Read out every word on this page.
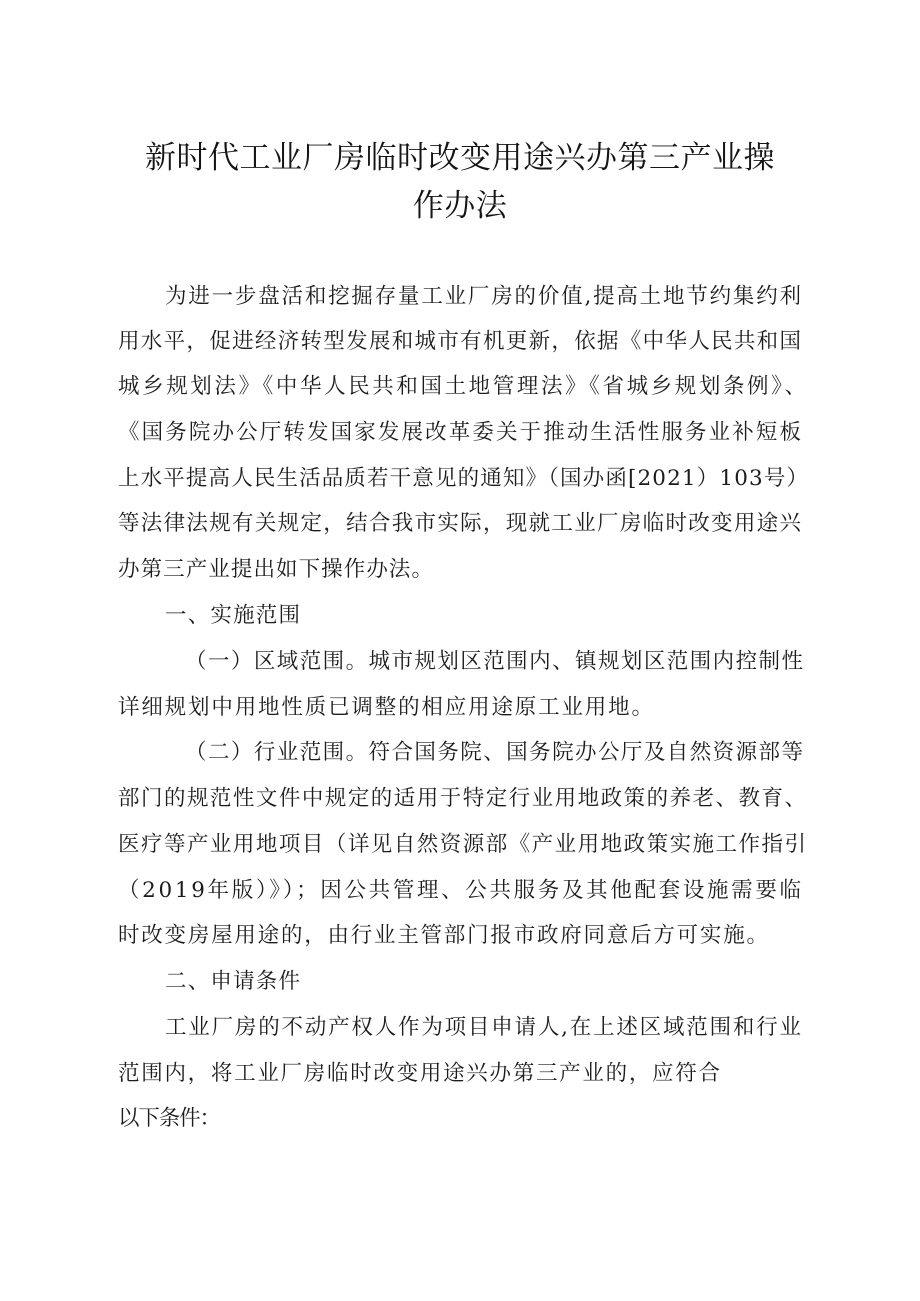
新时代工业厂房临时改变用途兴办第三产业操
作办法
为进一步盘活和挖掘存量工业厂房的价值,提高土地节约集约利
用水平，促进经济转型发展和城市有机更新，依据《中华人民共和国
城乡规划法》《中华人民共和国土地管理法》《省城乡规划条例》、
《国务院办公厅转发国家发展改革委关于推动生活性服务业补短板
上水平提高人民生活品质若干意见的通知》（国办函[2021）103号）
等法律法规有关规定，结合我市实际，现就工业厂房临时改变用途兴
办第三产业提出如下操作办法。
一、实施范围
（一）区域范围。城市规划区范围内、镇规划区范围内控制性
详细规划中用地性质已调整的相应用途原工业用地。
（二）行业范围。符合国务院、国务院办公厅及自然资源部等
部门的规范性文件中规定的适用于特定行业用地政策的养老、教育、
医疗等产业用地项目（详见自然资源部《产业用地政策实施工作指引
（2019年版）》）；因公共管理、公共服务及其他配套设施需要临
时改变房屋用途的，由行业主管部门报市政府同意后方可实施。
二、申请条件
工业厂房的不动产权人作为项目申请人,在上述区域范围和行业
范围内，将工业厂房临时改变用途兴办第三产业的，应符合
以下条件：
